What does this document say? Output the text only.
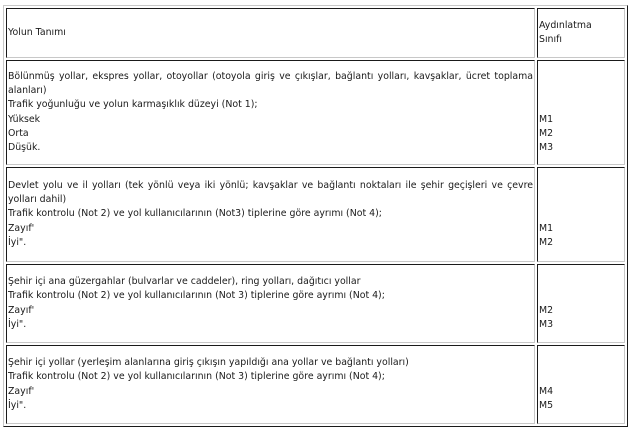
Yolun Tanımı	Aydınlatma
Sınıfı

Bölünmüş yollar, ekspres yollar, otoyollar (otoyola giriş ve çıkışlar, bağlantı yolları, kavşaklar, ücret toplama alanları)
Trafik yoğunluğu ve yolun karmaşıklık düzeyi (Not 1);
Yüksek
Orta
Düşük.	M1
M2
M3

Devlet yolu ve il yolları (tek yönlü veya iki yönlü; kavşaklar ve bağlantı noktaları ile şehir geçişleri ve çevre yolları dahil)
Trafik kontrolu (Not 2) ve yol kullanıcılarının (Not3) tiplerine göre ayrımı (Not 4);
Zayıf'
İyi".	M1
M2

Şehir içi ana güzergahlar (bulvarlar ve caddeler), ring yolları, dağıtıcı yollar
Trafik kontrolu (Not 2) ve yol kullanıcılarının (Not 3) tiplerine göre ayrımı (Not 4);
Zayıf'
İyi".	M2
M3

Şehir içi yollar (yerleşim alanlarına giriş çıkışın yapıldığı ana yollar ve bağlantı yolları)
Trafik kontrolu (Not 2) ve yol kullanıcılarının (Not 3) tiplerine göre ayrımı (Not 4);
Zayıf'
İyi".	M4
M5
